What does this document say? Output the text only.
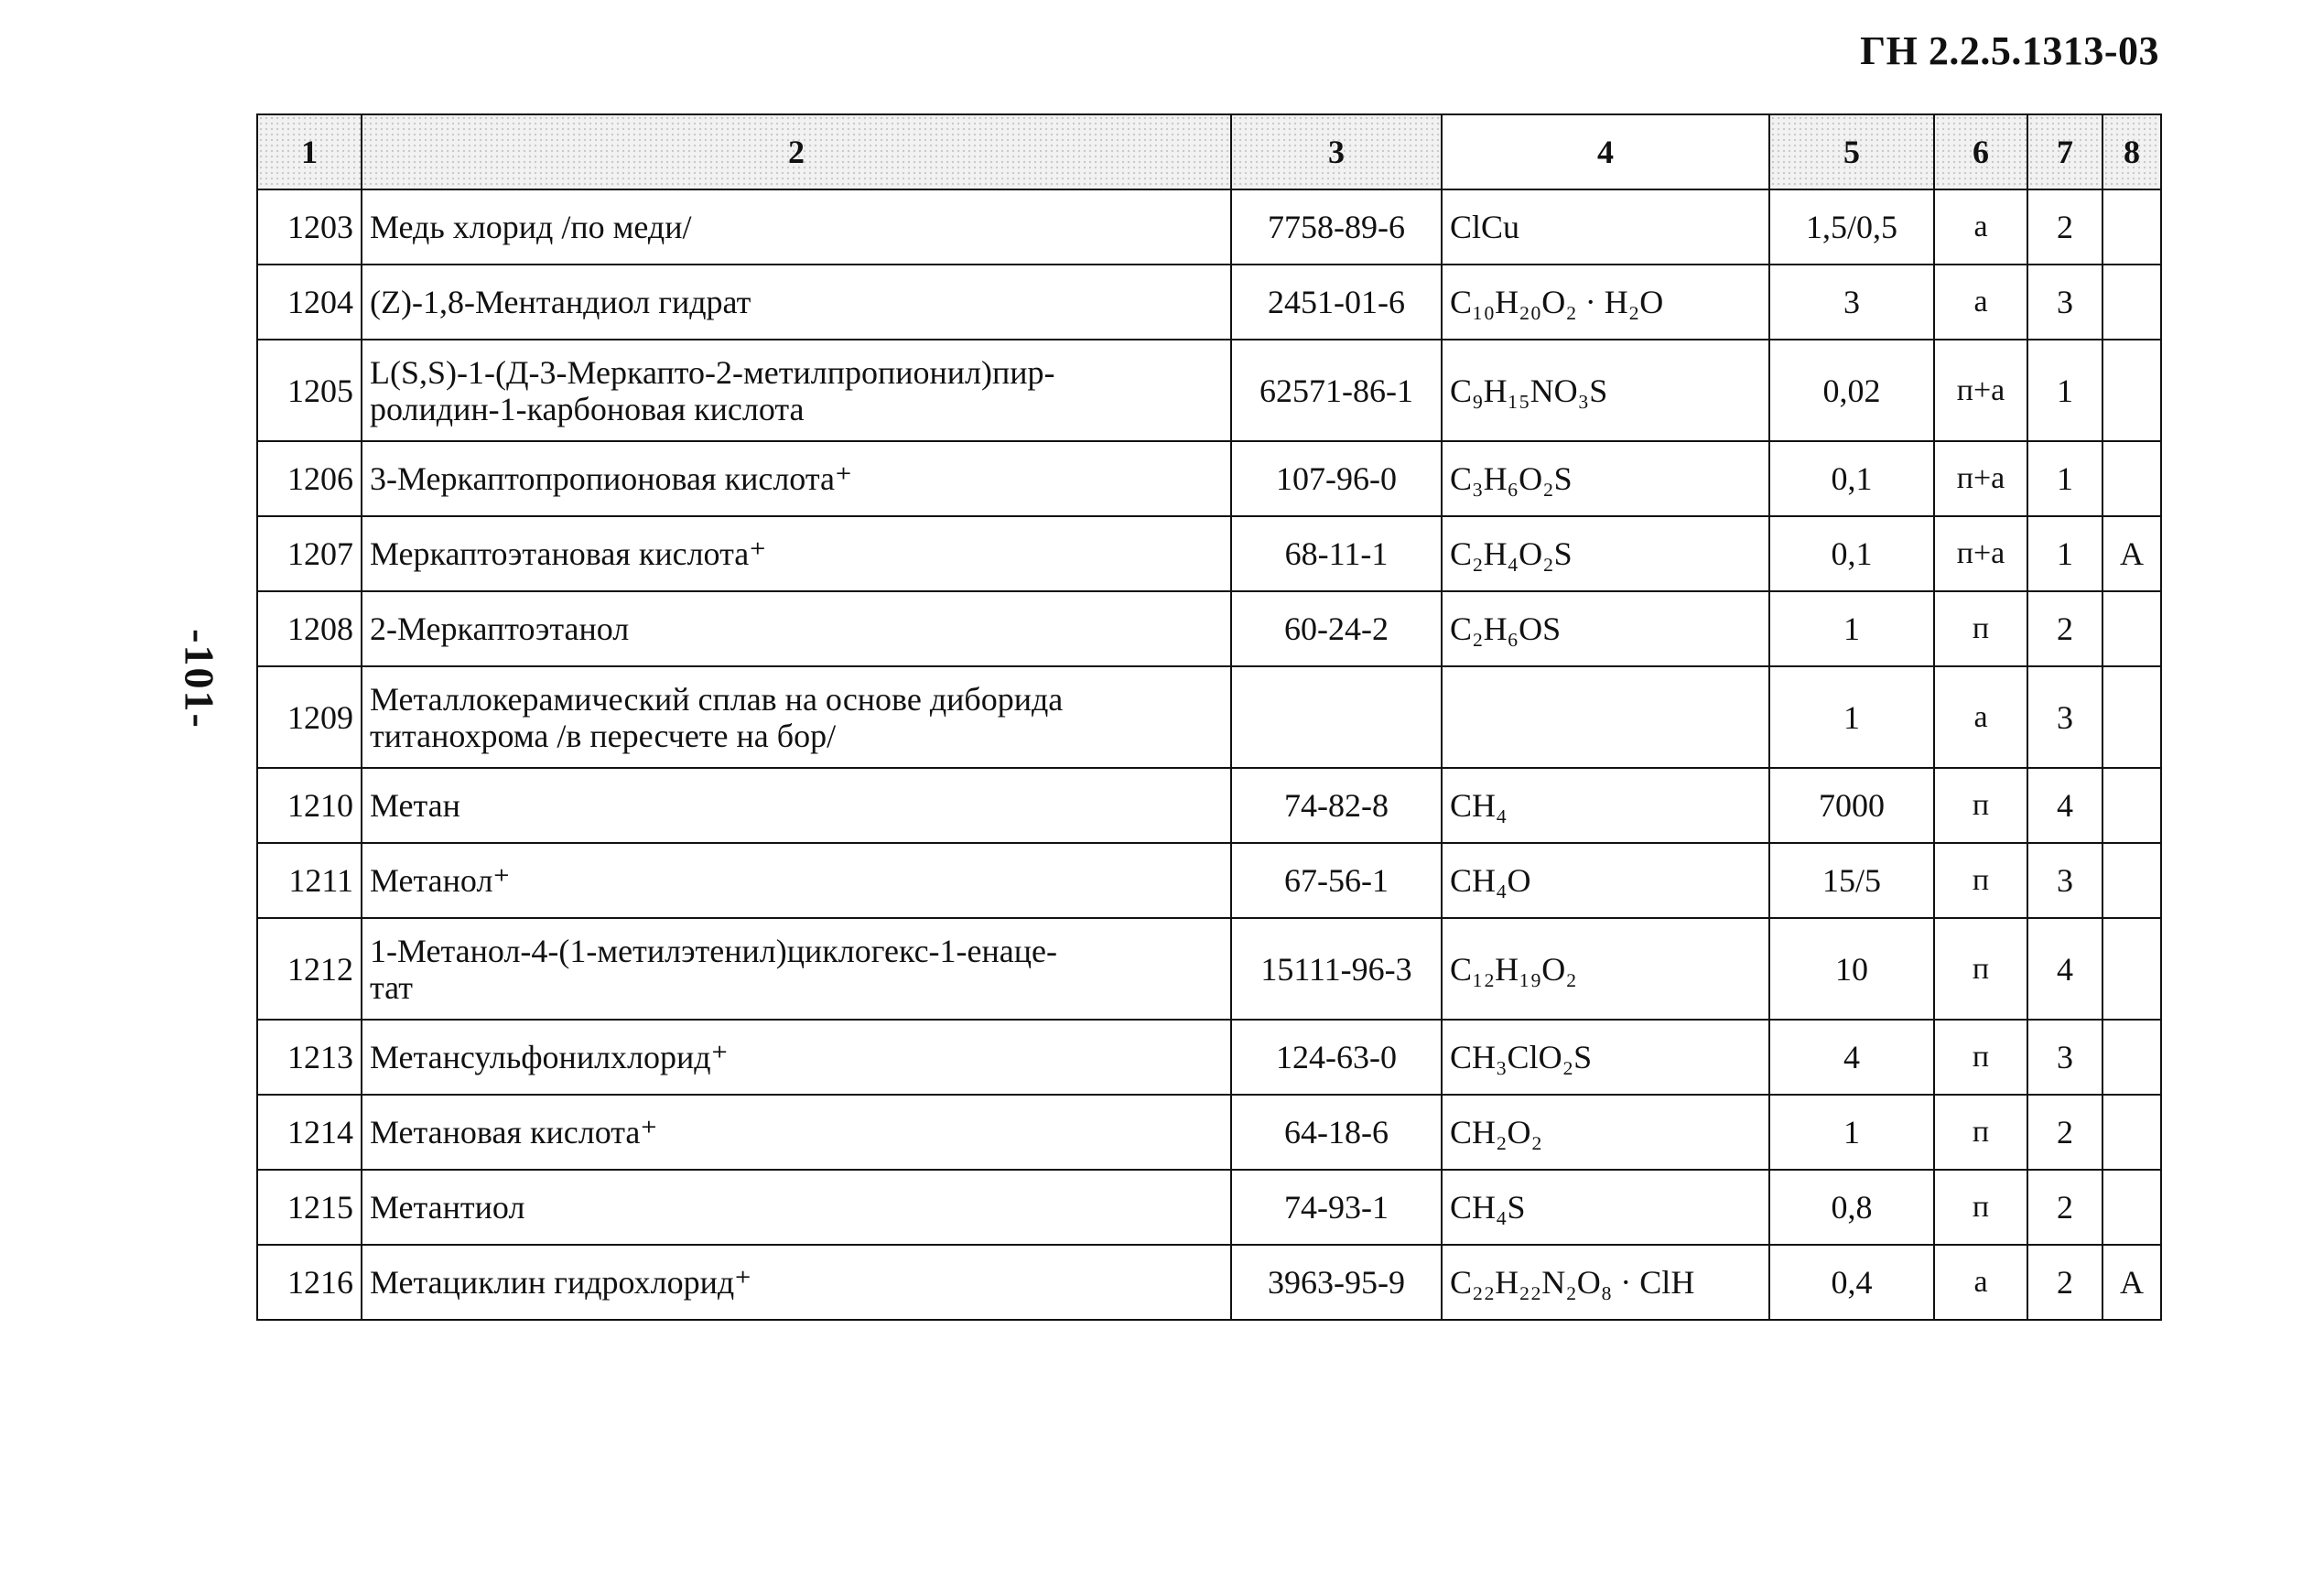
ГН 2.2.5.1313-03
-101-
1	2	3	4	5	6	7	8
1203	Медь хлорид /по меди/	7758-89-6	ClCu	1,5/0,5	а	2	
1204	(Z)-1,8-Ментандиол гидрат	2451-01-6	C₁₀H₂₀O₂ · H₂O	3	а	3	
1205	L(S,S)-1-(Д-3-Меркапто-2-метилпропионил)пир-
ролидин-1-карбоновая кислота	62571-86-1	C₉H₁₅NO₃S	0,02	п+а	1	
1206	3-Меркаптопропионовая кислота⁺	107-96-0	C₃H₆O₂S	0,1	п+а	1	
1207	Меркаптоэтановая кислота⁺	68-11-1	C₂H₄O₂S	0,1	п+а	1	А
1208	2-Меркаптоэтанол	60-24-2	C₂H₆OS	1	п	2	
1209	Металлокерамический сплав на основе диборида
титанохрома /в пересчете на бор/			1	а	3	
1210	Метан	74-82-8	CH₄	7000	п	4	
1211	Метанол⁺	67-56-1	CH₄O	15/5	п	3	
1212	1-Метанол-4-(1-метилэтенил)циклогекс-1-енаце-
тат	15111-96-3	C₁₂H₁₉O₂	10	п	4	
1213	Метансульфонилхлорид⁺	124-63-0	CH₃ClO₂S	4	п	3	
1214	Метановая кислота⁺	64-18-6	CH₂O₂	1	п	2	
1215	Метантиол	74-93-1	CH₄S	0,8	п	2	
1216	Метациклин гидрохлорид⁺	3963-95-9	C₂₂H₂₂N₂O₈ · ClH	0,4	а	2	А
